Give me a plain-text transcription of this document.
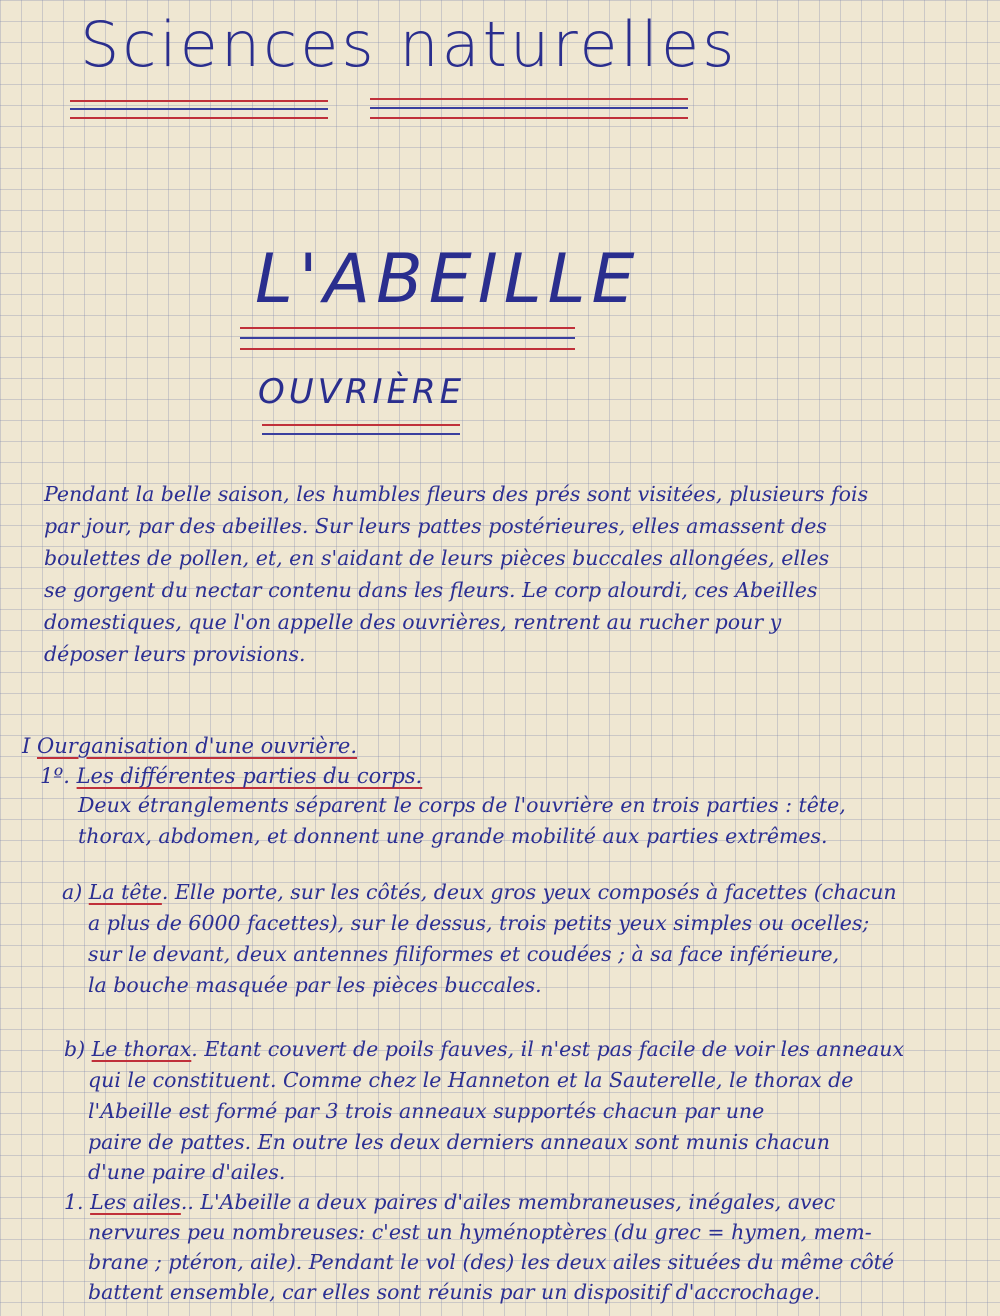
Sciences naturelles
L'ABEILLE
OUVRIÈRE
Pendant la belle saison, les humbles fleurs des prés sont visitées, plusieurs fois
par jour, par des abeilles. Sur leurs pattes postérieures, elles amassent des
boulettes de pollen, et, en s'aidant de leurs pièces buccales allongées, elles
se gorgent du nectar contenu dans les fleurs. Le corp alourdi, ces Abeilles
domestiques, que l'on appelle des ouvrières, rentrent au rucher pour y
déposer leurs provisions.
I Ourganisation d'une ouvrière.
1º. Les différentes parties du corps.
Deux étranglements séparent le corps de l'ouvrière en trois parties : tête,
thorax, abdomen, et donnent une grande mobilité aux parties extrêmes.
a) La tête. Elle porte, sur les côtés, deux gros yeux composés à facettes (chacun
a plus de 6000 facettes), sur le dessus, trois petits yeux simples ou ocelles;
sur le devant, deux antennes filiformes et coudées ; à sa face inférieure,
la bouche masquée par les pièces buccales.
b) Le thorax. Etant couvert de poils fauves, il n'est pas facile de voir les anneaux
qui le constituent. Comme chez le Hanneton et la Sauterelle, le thorax de
l'Abeille est formé par 3 trois anneaux supportés chacun par une
paire de pattes. En outre les deux derniers anneaux sont munis chacun
d'une paire d'ailes.
1. Les ailes.. L'Abeille a deux paires d'ailes membraneuses, inégales, avec
nervures peu nombreuses: c'est un hyménoptères (du grec = hymen, mem-
brane ; ptéron, aile). Pendant le vol (des) les deux ailes situées du même côté
battent ensemble, car elles sont réunis par un dispositif d'accrochage.
